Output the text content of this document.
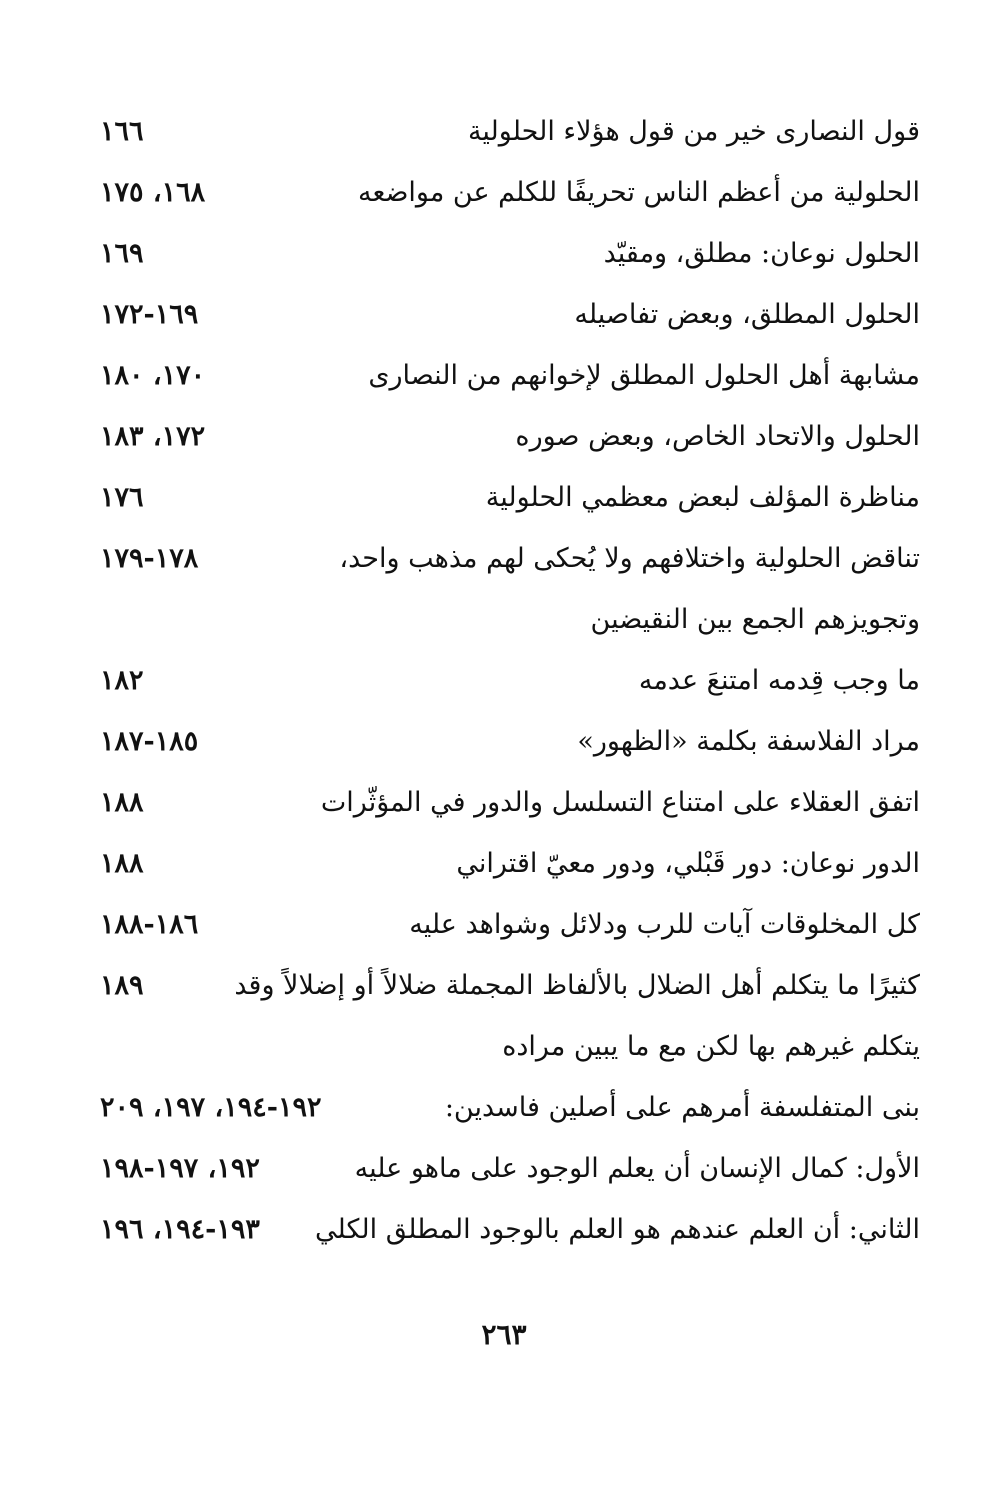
قول النصارى خير من قول هؤلاء الحلولية
١٦٦
الحلولية من أعظم الناس تحريفًا للكلم عن مواضعه
١٦٨، ١٧٥
الحلول نوعان: مطلق، ومقيّد
١٦٩
الحلول المطلق، وبعض تفاصيله
١٦٩-١٧٢
مشابهة أهل الحلول المطلق لإخوانهم من النصارى
١٧٠، ١٨٠
الحلول والاتحاد الخاص، وبعض صوره
١٧٢، ١٨٣
مناظرة المؤلف لبعض معظمي الحلولية
١٧٦
تناقض الحلولية واختلافهم ولا يُحكى لهم مذهب واحد،
١٧٨-١٧٩
وتجويزهم الجمع بين النقيضين
ما وجب قِدمه امتنعَ عدمه
١٨٢
مراد الفلاسفة بكلمة «الظهور»
١٨٥-١٨٧
اتفق العقلاء على امتناع التسلسل والدور في المؤثّرات
١٨٨
الدور نوعان: دور قَبْلي، ودور معيّ اقتراني
١٨٨
كل المخلوقات آيات للرب ودلائل وشواهد عليه
١٨٦-١٨٨
كثيرًا ما يتكلم أهل الضلال بالألفاظ المجملة ضلالاً أو إضلالاً وقد
١٨٩
يتكلم غيرهم بها لكن مع ما يبين مراده
بنى المتفلسفة أمرهم على أصلين فاسدين:
١٩٢-١٩٤، ١٩٧، ٢٠٩
الأول: كمال الإنسان أن يعلم الوجود على ماهو عليه
١٩٢، ١٩٧-١٩٨
الثاني: أن العلم عندهم هو العلم بالوجود المطلق الكلي
١٩٣-١٩٤، ١٩٦
٢٦٣
